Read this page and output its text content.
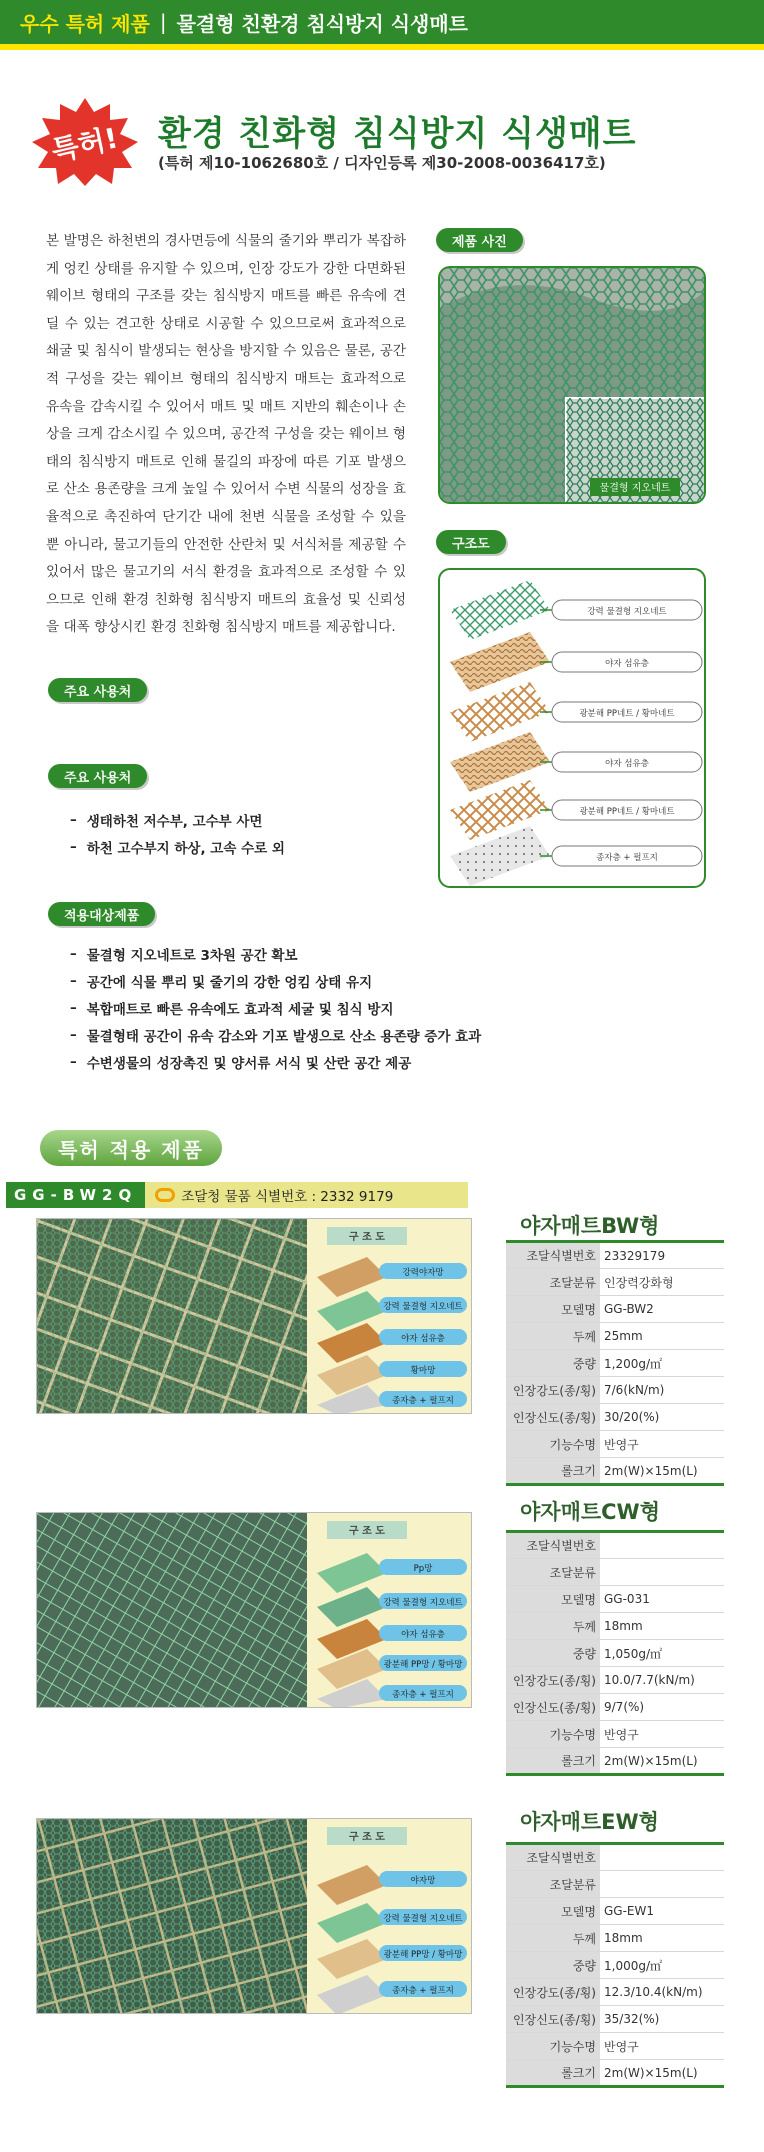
우수 특허 제품 | 물결형 친환경 침식방지 식생매트
특허! 환경 친화형 침식방지 식생매트
(특허 제10-1062680호 / 디자인등록 제30-2008-0036417호)

본 발명은 하천변의 경사면등에 식물의 줄기와 뿌리가 복잡하게 엉킨 상태를 유지할 수 있으며, 인장 강도가 강한 다면화된 웨이브 형태의 구조를 갖는 침식방지 매트를 빠른 유속에 견딜 수 있는 견고한 상태로 시공할 수 있으므로써 효과적으로 쇄굴 및 침식이 발생되는 현상을 방지할 수 있음은 물론, 공간적 구성을 갖는 웨이브 형태의 침식방지 매트는 효과적으로 유속을 감속시킬 수 있어서 매트 및 매트 지반의 훼손이나 손상을 크게 감소시킬 수 있으며, 공간적 구성을 갖는 웨이브 형태의 침식방지 매트로 인해 물길의 파장에 따른 기포 발생으로 산소 용존량을 크게 높일 수 있어서 수변 식물의 성장을 효율적으로 촉진하여 단기간 내에 천변 식물을 조성할 수 있을 뿐 아니라, 물고기들의 안전한 산란처 및 서식처를 제공할 수 있어서 많은 물고기의 서식 환경을 효과적으로 조성할 수 있으므로 인해 환경 친화형 침식방지 매트의 효율성 및 신뢰성을 대폭 향상시킨 환경 친화형 침식방지 매트를 제공합니다.

제품 사진
물결형 지오네트
구조도
강력 물결형 지오네트
야자 섬유층
광분해 PP네트 / 황마네트
야자 섬유층
광분해 PP네트 / 황마네트
종자층 + 펄프지
주요 사용처
주요 사용처
– 생태하천 저수부, 고수부 사면
– 하천 고수부지 하상, 고속 수로 외
적용대상제품
– 물결형 지오네트로 3차원 공간 확보
– 공간에 식물 뿌리 및 줄기의 강한 엉킴 상태 유지
– 복합매트로 빠른 유속에도 효과적 세굴 및 침식 방지
– 물결형태 공간이 유속 감소와 기포 발생으로 산소 용존량 증가 효과
– 수변생물의 성장촉진 및 양서류 서식 및 산란 공간 제공
특허 적용 제품
GG-BW2Q	조달청 물품 식별번호 : 2332 9179
구 조 도
강력야자망
강력 물결형 지오네트
야자 섬유층
황마망
종자층 + 펄프지
야자매트BW형
조달식별번호	23329179
조달분류	인장력강화형
모델명	GG-BW2
두께	25mm
중량	1,200g/㎡
인장강도(종/횡)	7/6(kN/m)
인장신도(종/횡)	30/20(%)
기능수명	반영구
롤크기	2m(W)×15m(L)
구 조 도
Pp망
강력 물결형 지오네트
야자 섬유층
광분해 PP망 / 황마망
종자층 + 펄프지
야자매트CW형
조달식별번호	
조달분류	
모델명	GG-031
두께	18mm
중량	1,050g/㎡
인장강도(종/횡)	10.0/7.7(kN/m)
인장신도(종/횡)	9/7(%)
기능수명	반영구
롤크기	2m(W)×15m(L)
구 조 도
야자망
강력 물결형 지오네트
광분해 PP망 / 황마망
종자층 + 펄프지
야자매트EW형
조달식별번호	
조달분류	
모델명	GG-EW1
두께	18mm
중량	1,000g/㎡
인장강도(종/횡)	12.3/10.4(kN/m)
인장신도(종/횡)	35/32(%)
기능수명	반영구
롤크기	2m(W)×15m(L)
